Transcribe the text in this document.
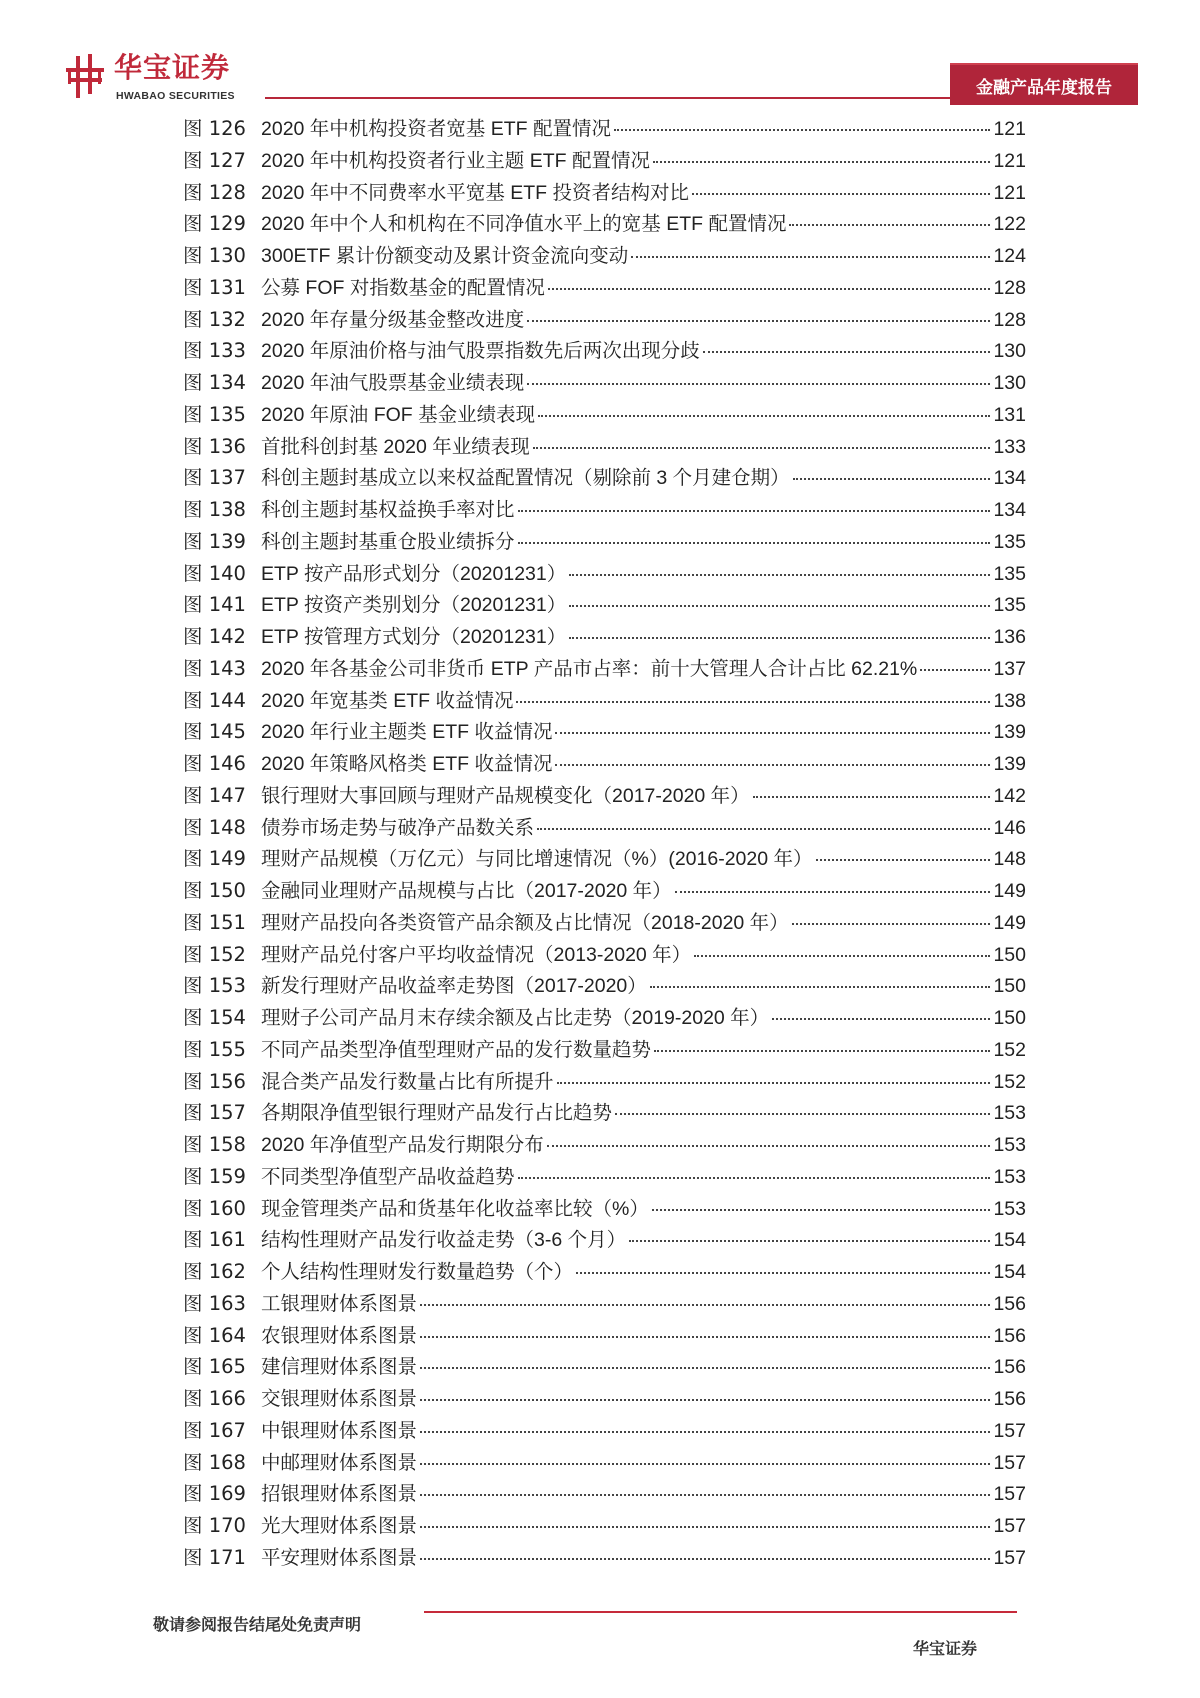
华宝证券
HWABAO SECURITIES	金融产品年度报告
图 126 2020 年中机构投资者宽基 ETF 配置情况	121
图 127 2020 年中机构投资者行业主题 ETF 配置情况	121
图 128 2020 年中不同费率水平宽基 ETF 投资者结构对比	121
图 129 2020 年中个人和机构在不同净值水平上的宽基 ETF 配置情况	122
图 130 300ETF 累计份额变动及累计资金流向变动	124
图 131 公募 FOF 对指数基金的配置情况	128
图 132 2020 年存量分级基金整改进度	128
图 133 2020 年原油价格与油气股票指数先后两次出现分歧	130
图 134 2020 年油气股票基金业绩表现	130
图 135 2020 年原油 FOF 基金业绩表现	131
图 136 首批科创封基 2020 年业绩表现	133
图 137 科创主题封基成立以来权益配置情况（剔除前 3 个月建仓期）	134
图 138 科创主题封基权益换手率对比	134
图 139 科创主题封基重仓股业绩拆分	135
图 140 ETP 按产品形式划分（20201231）	135
图 141 ETP 按资产类别划分（20201231）	135
图 142 ETP 按管理方式划分（20201231）	136
图 143 2020 年各基金公司非货币 ETP 产品市占率：前十大管理人合计占比 62.21%	137
图 144 2020 年宽基类 ETF 收益情况	138
图 145 2020 年行业主题类 ETF 收益情况	139
图 146 2020 年策略风格类 ETF 收益情况	139
图 147 银行理财大事回顾与理财产品规模变化（2017-2020 年）	142
图 148 债券市场走势与破净产品数关系	146
图 149 理财产品规模（万亿元）与同比增速情况（%）(2016-2020 年）	148
图 150 金融同业理财产品规模与占比（2017-2020 年）	149
图 151 理财产品投向各类资管产品余额及占比情况（2018-2020 年）	149
图 152 理财产品兑付客户平均收益情况（2013-2020 年）	150
图 153 新发行理财产品收益率走势图（2017-2020）	150
图 154 理财子公司产品月末存续余额及占比走势（2019-2020 年）	150
图 155 不同产品类型净值型理财产品的发行数量趋势	152
图 156 混合类产品发行数量占比有所提升	152
图 157 各期限净值型银行理财产品发行占比趋势	153
图 158 2020 年净值型产品发行期限分布	153
图 159 不同类型净值型产品收益趋势	153
图 160 现金管理类产品和货基年化收益率比较（%）	153
图 161 结构性理财产品发行收益走势（3-6 个月）	154
图 162 个人结构性理财发行数量趋势（个）	154
图 163 工银理财体系图景	156
图 164 农银理财体系图景	156
图 165 建信理财体系图景	156
图 166 交银理财体系图景	156
图 167 中银理财体系图景	157
图 168 中邮理财体系图景	157
图 169 招银理财体系图景	157
图 170 光大理财体系图景	157
图 171 平安理财体系图景	157
敬请参阅报告结尾处免责声明
华宝证券
